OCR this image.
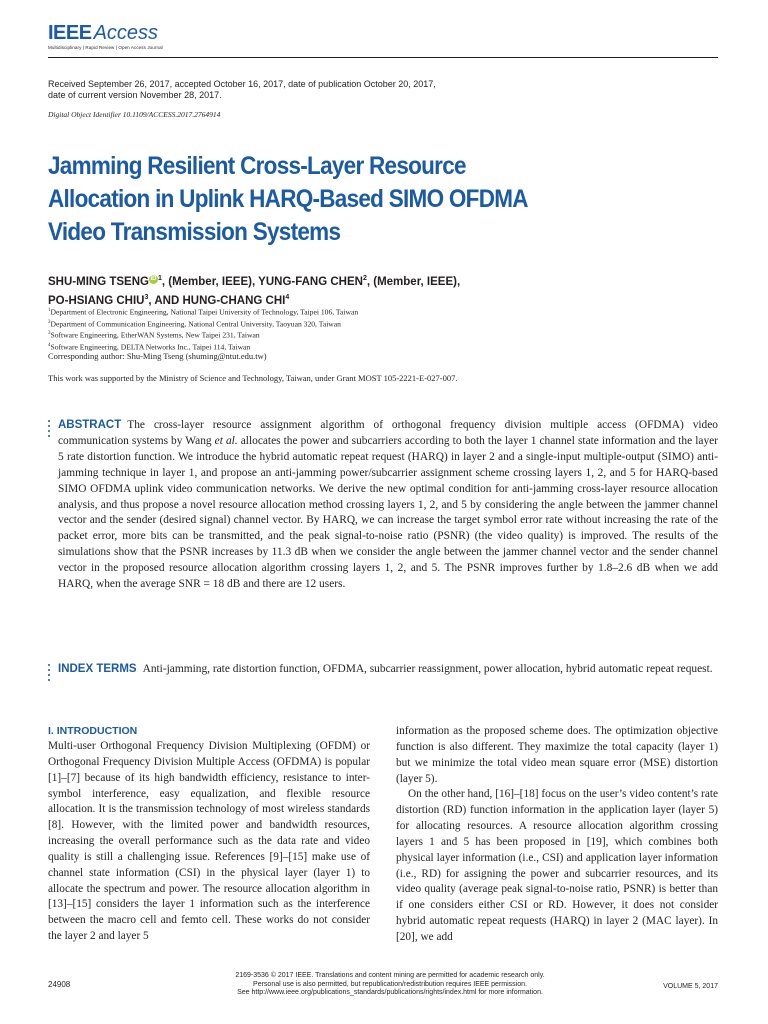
IEEE Access
Multidisciplinary | Rapid Review | Open Access Journal
Received September 26, 2017, accepted October 16, 2017, date of publication October 20, 2017,
date of current version November 28, 2017.
Digital Object Identifier 10.1109/ACCESS.2017.2764914
Jamming Resilient Cross-Layer Resource Allocation in Uplink HARQ-Based SIMO OFDMA Video Transmission Systems
SHU-MING TSENG iD $^1$, (Member, IEEE), YUNG-FANG CHEN$^2$, (Member, IEEE),
PO-HSIANG CHIU$^3$, AND HUNG-CHANG CHI$^4$
$^1$Department of Electronic Engineering, National Taipei University of Technology, Taipei 106, Taiwan
$^2$Department of Communication Engineering, National Central University, Taoyuan 320, Taiwan
$^3$Software Engineering, EtherWAN Systems, New Taipei 231, Taiwan
$^4$Software Engineering, DELTA Networks Inc., Taipei 114, Taiwan
Corresponding author: Shu-Ming Tseng (shuming@ntut.edu.tw)
This work was supported by the Ministry of Science and Technology, Taiwan, under Grant MOST 105-2221-E-027-007.
ABSTRACT The cross-layer resource assignment algorithm of orthogonal frequency division multiple access (OFDMA) video communication systems by Wang et al. allocates the power and subcarriers according to both the layer 1 channel state information and the layer 5 rate distortion function. We introduce the hybrid automatic repeat request (HARQ) in layer 2 and a single-input multiple-output (SIMO) anti-jamming technique in layer 1, and propose an anti-jamming power/subcarrier assignment scheme crossing layers 1, 2, and 5 for HARQ-based SIMO OFDMA uplink video communication networks. We derive the new optimal condition for anti-jamming cross-layer resource allocation analysis, and thus propose a novel resource allocation method crossing layers 1, 2, and 5 by considering the angle between the jammer channel vector and the sender (desired signal) channel vector. By HARQ, we can increase the target symbol error rate without increasing the rate of the packet error, more bits can be transmitted, and the peak signal-to-noise ratio (PSNR) (the video quality) is improved. The results of the simulations show that the PSNR increases by 11.3 dB when we consider the angle between the jammer channel vector and the sender channel vector in the proposed resource allocation algorithm crossing layers 1, 2, and 5. The PSNR improves further by 1.8–2.6 dB when we add HARQ, when the average SNR = 18 dB and there are 12 users.
INDEX TERMS Anti-jamming, rate distortion function, OFDMA, subcarrier reassignment, power allocation, hybrid automatic repeat request.
I. INTRODUCTION

Multi-user Orthogonal Frequency Division Multiplexing (OFDM) or Orthogonal Frequency Division Multiple Access (OFDMA) is popular [1]–[7] because of its high bandwidth efficiency, resistance to inter-symbol interference, easy equalization, and flexible resource allocation. It is the transmission technology of most wireless standards [8]. However, with the limited power and bandwidth resources, increasing the overall performance such as the data rate and video quality is still a challenging issue. References [9]–[15] make use of channel state information (CSI) in the physical layer (layer 1) to allocate the spectrum and power. The resource allocation algorithm in [13]–[15] considers the layer 1 information such as the interference between the macro cell and femto cell. These works do not consider the layer 2 and layer 5

information as the proposed scheme does. The optimization objective function is also different. They maximize the total capacity (layer 1) but we minimize the total video mean square error (MSE) distortion (layer 5).

On the other hand, [16]–[18] focus on the user’s video content’s rate distortion (RD) function information in the application layer (layer 5) for allocating resources. A resource allocation algorithm crossing layers 1 and 5 has been proposed in [19], which combines both physical layer information (i.e., CSI) and application layer information (i.e., RD) for assigning the power and subcarrier resources, and its video quality (average peak signal-to-noise ratio, PSNR) is better than if one considers either CSI or RD. However, it does not consider hybrid automatic repeat requests (HARQ) in layer 2 (MAC layer). In [20], we add

24908
2169-3536 © 2017 IEEE. Translations and content mining are permitted for academic research only.
Personal use is also permitted, but republication/redistribution requires IEEE permission.
See http://www.ieee.org/publications_standards/publications/rights/index.html for more information.
VOLUME 5, 2017
